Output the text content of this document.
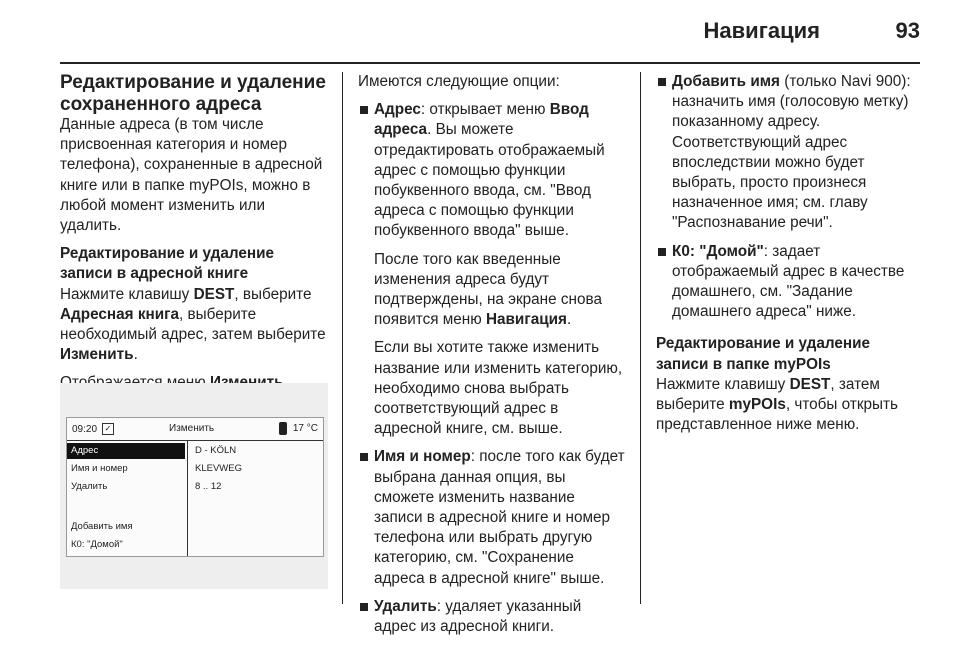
Навигация	93
Редактирование и удаление сохраненного адреса

Данные адреса (в том числе присвоенная категория и номер телефона), сохраненные в адресной книге или в папке myPOIs, можно в любой момент изменить или удалить.

Редактирование и удаление записи в адресной книге

Нажмите клавишу DEST, выберите Адресная книга, выберите необходимый адрес, затем выберите Изменить.

09:20 ✓	Изменить	17 °C
Адрес
Имя и номер
Удалить
Добавить имя
К0: "Домой"
D - KÖLN
KLEVWEG
8 .. 12

Имеются следующие опции:

Адрес: открывает меню Ввод адреса. Вы можете отредактировать отображаемый адрес с помощью функции побуквенного ввода, см. "Ввод адреса с помощью функции побуквенного ввода" выше.

После того как введенные изменения адреса будут подтверждены, на экране снова появится меню Навигация.

Если вы хотите также изменить название или изменить категорию, необходимо снова выбрать соответствующий адрес в адресной книге, см. выше.

Имя и номер: после того как будет выбрана данная опция, вы сможете изменить название записи в адресной книге и номер телефона или выбрать другую категорию, см. "Сохранение адреса в адресной книге" выше.
Удалить: удаляет указанный адрес из адресной книги.
Добавить имя (только Navi 900): назначить имя (голосовую метку) показанному адресу. Соответствующий адрес впоследствии можно будет выбрать, просто произнеся назначенное имя; см. главу "Распознавание речи".
К0: "Домой": задает отображаемый адрес в качестве домашнего, см. "Задание домашнего адреса" ниже.
Редактирование и удаление записи в папке myPOIs

Нажмите клавишу DEST, затем выберите myPOIs, чтобы открыть представленное ниже меню.
